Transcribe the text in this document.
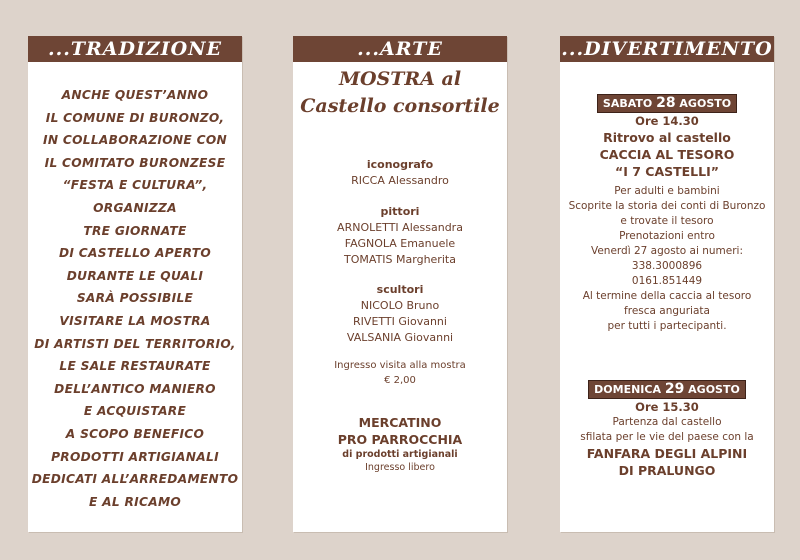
...TRADIZIONE
ANCHE QUEST’ANNO
IL COMUNE DI BURONZO,
IN COLLABORAZIONE CON
IL COMITATO BURONZESE
“FESTA E CULTURA”,
ORGANIZZA
TRE GIORNATE
DI CASTELLO APERTO
DURANTE LE QUALI
SARÀ POSSIBILE
VISITARE LA MOSTRA
DI ARTISTI DEL TERRITORIO,
LE SALE RESTAURATE
DELL’ANTICO MANIERO
E ACQUISTARE
A SCOPO BENEFICO
PRODOTTI ARTIGIANALI
DEDICATI ALL’ARREDAMENTO
E AL RICAMO
...ARTE
MOSTRA al
Castello consortile
iconografo
RICCA Alessandro
pittori
ARNOLETTI Alessandra
FAGNOLA Emanuele
TOMATIS Margherita
scultori
NICOLO Bruno
RIVETTI Giovanni
VALSANIA Giovanni
Ingresso visita alla mostra
€ 2,00
MERCATINO
PRO PARROCCHIA
di prodotti artigianali
Ingresso libero
...DIVERTIMENTO
SABATO 28 AGOSTO
Ore 14.30
Ritrovo al castello
CACCIA AL TESORO
“I 7 CASTELLI”
Per adulti e bambini
Scoprite la storia dei conti di Buronzo
e trovate il tesoro
Prenotazioni entro
Venerdì 27 agosto ai numeri:
338.3000896
0161.851449
Al termine della caccia al tesoro
fresca anguriata
per tutti i partecipanti.
DOMENICA 29 AGOSTO
Ore 15.30
Partenza dal castello
sfilata per le vie del paese con la
FANFARA DEGLI ALPINI
DI PRALUNGO
